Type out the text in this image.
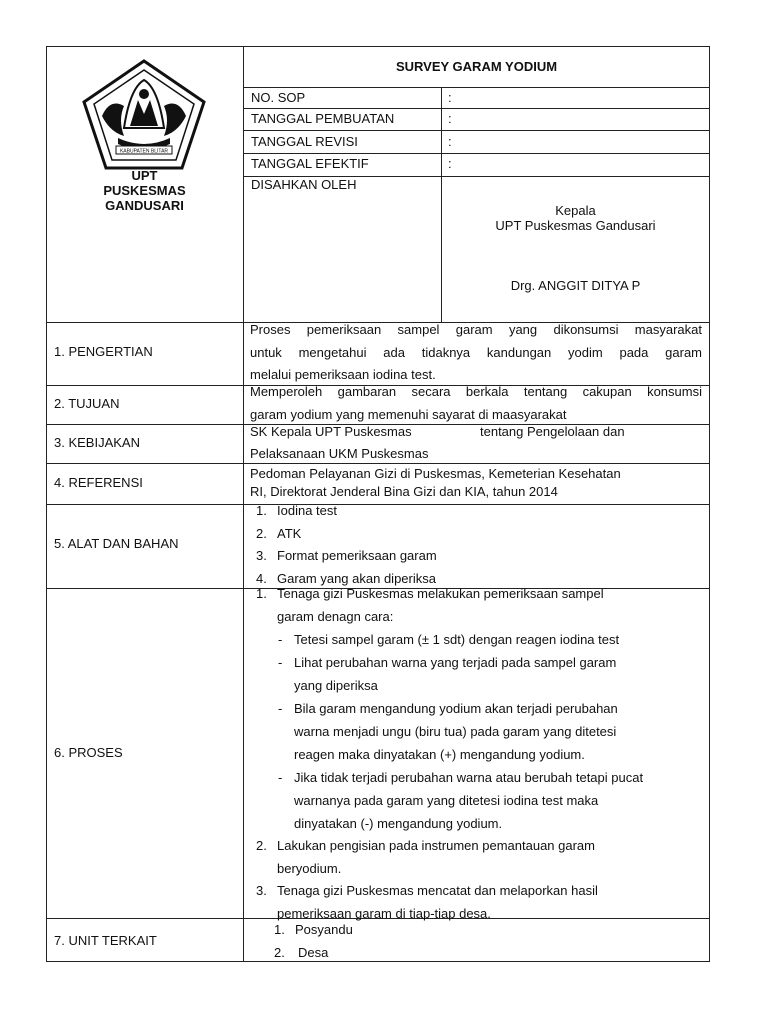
KABUPATEN BLITAR
UPT
PUSKESMAS
GANDUSARI
SURVEY GARAM YODIUM
NO. SOP	:
TANGGAL PEMBUATAN	:
TANGGAL REVISI	:
TANGGAL EFEKTIF	:
DISAHKAN OLEH
Kepala
UPT Puskesmas Gandusari
Drg. ANGGIT DITYA P
1. PENGERTIAN
Proses pemeriksaan sampel garam yang dikonsumsi masyarakat
untuk mengetahui ada tidaknya kandungan yodim pada garam
melalui pemeriksaan iodina test.
2. TUJUAN
Memperoleh gambaran secara berkala tentang cakupan konsumsi
garam yodium yang memenuhi sayarat di maasyarakat
3. KEBIJAKAN
SK Kepala UPT Puskesmas	tentang Pengelolaan dan
Pelaksanaan UKM Puskesmas
4. REFERENSI
Pedoman Pelayanan Gizi di Puskesmas, Kemeterian Kesehatan
RI, Direktorat Jenderal Bina Gizi dan KIA, tahun 2014
5. ALAT DAN BAHAN
1. Iodina test
2. ATK
3. Format pemeriksaan garam
4. Garam yang akan diperiksa
6. PROSES
1. Tenaga gizi Puskesmas melakukan pemeriksaan sampel
garam denagn cara:
- Tetesi sampel garam (± 1 sdt) dengan reagen iodina test
- Lihat perubahan warna yang terjadi pada sampel garam
yang diperiksa
- Bila garam mengandung yodium akan terjadi perubahan
warna menjadi ungu (biru tua) pada garam yang ditetesi
reagen maka dinyatakan (+) mengandung yodium.
- Jika tidak terjadi perubahan warna atau berubah tetapi pucat
warnanya pada garam yang ditetesi iodina test maka
dinyatakan (-) mengandung yodium.
2. Lakukan pengisian pada instrumen pemantauan garam
beryodium.
3. Tenaga gizi Puskesmas mencatat dan melaporkan hasil
pemeriksaan garam di tiap-tiap desa.
7. UNIT TERKAIT
1. Posyandu
2. Desa
